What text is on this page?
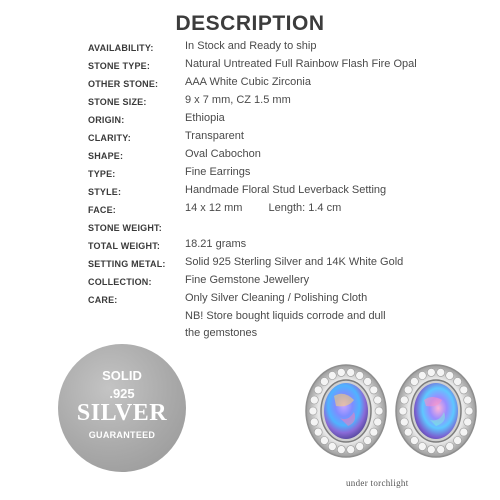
DESCRIPTION
AVAILABILITY:	In Stock and Ready to ship
STONE TYPE:	Natural Untreated Full Rainbow Flash Fire Opal
OTHER STONE: AAA White Cubic Zirconia
STONE SIZE:	9 x 7 mm, CZ 1.5 mm
ORIGIN:	Ethiopia
CLARITY:	Transparent
SHAPE:	Oval Cabochon
TYPE:	Fine Earrings
STYLE:	Handmade Floral Stud Leverback Setting
FACE:	14 x 12 mm Length: 1.4 cm
STONE WEIGHT:
TOTAL WEIGHT: 18.21 grams
SETTING METAL: Solid 925 Sterling Silver and 14K White Gold
COLLECTION:	Fine Gemstone Jewellery
CARE:	Only Silver Cleaning / Polishing Cloth
NB! Store bought liquids corrode and dull
the gemstones
SOLID
.925
SILVER
GUARANTEED
under torchlight
